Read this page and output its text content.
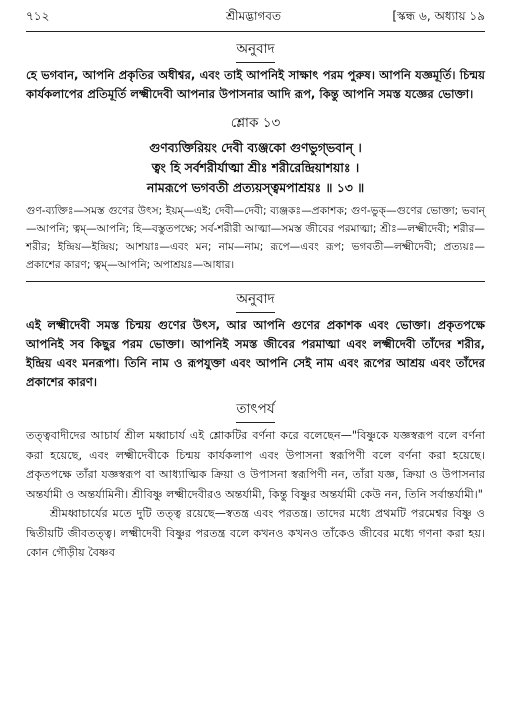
৭১২	শ্রীমদ্ভাগবত	[স্কন্ধ ৬, অধ্যায় ১৯
অনুবাদ

হে ভগবান, আপনি প্রকৃতির অধীশ্বর, এবং তাই আপনিই সাক্ষাৎ পরম পুরুষ। আপনি যজ্ঞমূর্তি। চিন্ময় কার্যকলাপের প্রতিমূর্তি লক্ষ্মীদেবী আপনার উপাসনার আদি রূপ, কিন্তু আপনি সমস্ত যজ্ঞের ভোক্তা।

শ্লোক ১৩
গুণব্যক্তিরিয়ং দেবী ব্যঞ্জকো গুণভুগ্‌ভবান্ ।
ত্বং হি সর্বশরীর্যাত্মা শ্রীঃ শরীরেন্দ্রিয়াশয়াঃ ।
নামরূপে ভগবতী প্রত্যয়স্ত্বমপাশ্রয়ঃ ॥ ১৩ ॥

গুণ-ব্যক্তিঃ—সমস্ত গুণের উৎস; ইয়ম্—এই; দেবী—দেবী; ব্যঞ্জকঃ—প্রকাশক; গুণ-ভুক্—গুণের ভোক্তা; ভবান্—আপনি; ত্বম্—আপনি; হি—বস্তুতপক্ষে; সর্ব-শরীরী আত্মা—সমস্ত জীবের পরমাত্মা; শ্রীঃ—লক্ষ্মীদেবী; শরীর—শরীর; ইন্দ্রিয়—ইন্দ্রিয়; আশয়াঃ—এবং মন; নাম—নাম; রূপে—এবং রূপ; ভগবতী—লক্ষ্মীদেবী; প্রত্যয়ঃ—প্রকাশের কারণ; ত্বম্—আপনি; অপাশ্রয়ঃ—আধার।

অনুবাদ

এই লক্ষ্মীদেবী সমস্ত চিন্ময় গুণের উৎস, আর আপনি গুণের প্রকাশক এবং ভোক্তা। প্রকৃতপক্ষে আপনিই সব কিছুর পরম ভোক্তা। আপনিই সমস্ত জীবের পরমাত্মা এবং লক্ষ্মীদেবী তাঁদের শরীর, ইন্দ্রিয় এবং মনরূপা। তিনি নাম ও রূপযুক্তা এবং আপনি সেই নাম এবং রূপের আশ্রয় এবং তাঁদের প্রকাশের কারণ।

তাৎপর্য

তত্ত্ববাদীদের আচার্য শ্রীল মধ্বাচার্য এই শ্লোকটির বর্ণনা করে বলেছেন—"বিষ্ণুকে যজ্ঞস্বরূপ বলে বর্ণনা করা হয়েছে, এবং লক্ষ্মীদেবীকে চিন্ময় কার্যকলাপ এবং উপাসনা স্বরূপিণী বলে বর্ণনা করা হয়েছে। প্রকৃতপক্ষে তাঁরা যজ্ঞস্বরূপ বা আধ্যাত্মিক ক্রিয়া ও উপাসনা স্বরূপিণী নন, তাঁরা যজ্ঞ, ক্রিয়া ও উপাসনার অন্তর্যামী ও অন্তর্যামিনী। শ্রীবিষ্ণু লক্ষ্মীদেবীরও অন্তর্যামী, কিন্তু বিষ্ণুর অন্তর্যামী কেউ নন, তিনি সর্বান্তর্যামী।"

শ্রীমধ্বাচার্যের মতে দুটি তত্ত্ব রয়েছে—স্বতন্ত্র এবং পরতন্ত্র। তাদের মধ্যে প্রথমটি পরমেশ্বর বিষ্ণু ও দ্বিতীয়টি জীবতত্ত্ব। লক্ষ্মীদেবী বিষ্ণুর পরতন্ত্র বলে কখনও কখনও তাঁকেও জীবের মধ্যে গণনা করা হয়। কোন গৌড়ীয় বৈষ্ণব
